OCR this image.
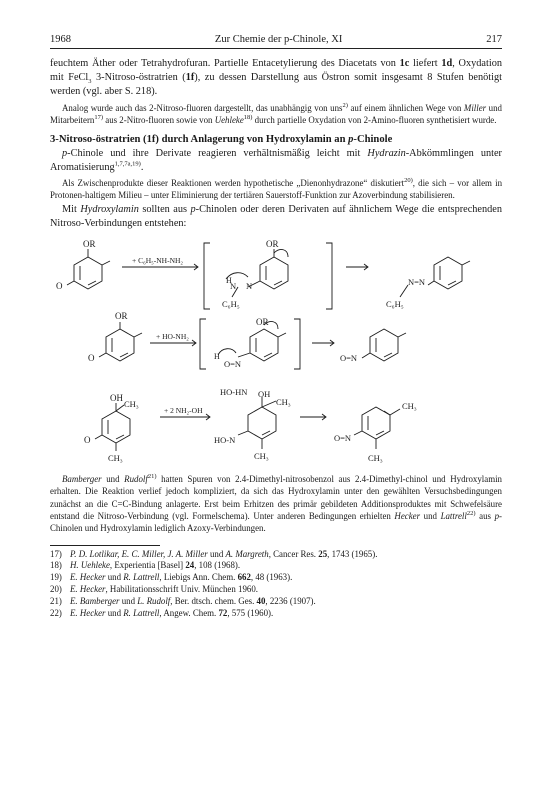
1968	Zur Chemie der p-Chinole, XI	217

feuchtem Äther oder Tetrahydrofuran. Partielle Entacetylierung des Diacetats von 1c liefert 1d, Oxydation mit FeCl$_3$ 3-Nitroso-östratrien (1f), zu dessen Darstellung aus Östron somit insgesamt 8 Stufen benötigt werden (vgl. aber S. 218).

Analog wurde auch das 2-Nitroso-fluoren dargestellt, das unabhängig von uns$^{2)}$ auf einem ähnlichen Wege von Miller und Mitarbeitern$^{17)}$ aus 2-Nitro-fluoren sowie von Uehleke$^{18)}$ durch partielle Oxydation von 2-Amino-fluoren synthetisiert wurde.

3-Nitroso-östratrien (1f) durch Anlagerung von Hydroxylamin an p-Chinole

p-Chinole und ihre Derivate reagieren verhältnismäßig leicht mit Hydrazin-Abkömmlingen unter Aromatisierung$^{1,7,7a,19)}$.

Als Zwischenprodukte dieser Reaktionen werden hypothetische „Dienonhydrazone“ diskutiert$^{20)}$, die sich – vor allem in Protonen-haltigem Milieu – unter Eliminierung der tertiären Sauerstoff-Funktion zur Azoverbindung stabilisieren.

Mit Hydroxylamin sollten aus p-Chinolen oder deren Derivaten auf ähnlichem Wege die entsprechenden Nitroso-Verbindungen entstehen:

OR
O
+ C₆H₅-NH-NH₂
OR
H
N N
C₆H₅
N=N
C₆H₅
OR
O
+ HO-NH₂
OR
H
O=N
O=N
OH
CH₃
O
CH₃
+ 2 NH₂-OH
HO-HN OH
CH₃
HO-N
CH₃
CH₃
O=N
CH₃

Bamberger und Rudolf$^{21)}$ hatten Spuren von 2.4-Dimethyl-nitrosobenzol aus 2.4-Dimethyl-chinol und Hydroxylamin erhalten. Die Reaktion verlief jedoch kompliziert, da sich das Hydroxylamin unter den gewählten Versuchsbedingungen zunächst an die C=C-Bindung anlagerte. Erst beim Erhitzen des primär gebildeten Additionsproduktes mit Schwefelsäure entstand die Nitroso-Verbindung (vgl. Formelschema). Unter anderen Bedingungen erhielten Hecker und Lattrell$^{22)}$ aus p-Chinolen und Hydroxylamin lediglich Azoxy-Verbindungen.

17) P. D. Lotlikar, E. C. Miller, J. A. Miller und A. Margreth, Cancer Res. 25, 1743 (1965).
18) H. Uehleke, Experientia [Basel] 24, 108 (1968).
19) E. Hecker und R. Lattrell, Liebigs Ann. Chem. 662, 48 (1963).
20) E. Hecker, Habilitationsschrift Univ. München 1960.
21) E. Bamberger und L. Rudolf, Ber. dtsch. chem. Ges. 40, 2236 (1907).
22) E. Hecker und R. Lattrell, Angew. Chem. 72, 575 (1960).
